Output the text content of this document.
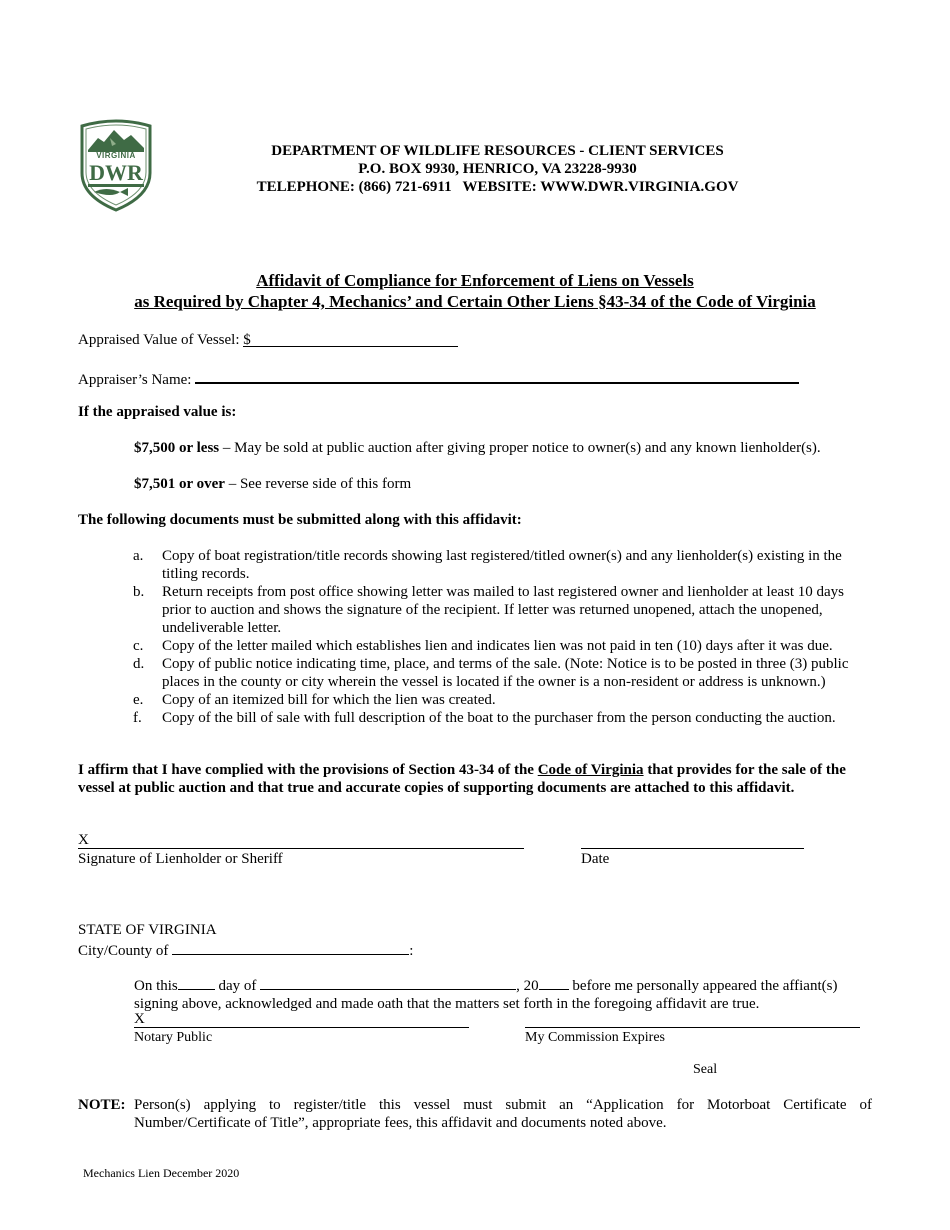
VIRGINIA
DWR
DEPARTMENT OF WILDLIFE RESOURCES - CLIENT SERVICES
P.O. BOX 9930, HENRICO, VA 23228-9930
TELEPHONE: (866) 721-6911   WEBSITE: WWW.DWR.VIRGINIA.GOV
Affidavit of Compliance for Enforcement of Liens on Vessels
as Required by Chapter 4, Mechanics’ and Certain Other Liens §43-34 of the Code of Virginia
Appraised Value of Vessel: $
Appraiser’s Name:
If the appraised value is:
$7,500 or less – May be sold at public auction after giving proper notice to owner(s) and any known lienholder(s).
$7,501 or over – See reverse side of this form
The following documents must be submitted along with this affidavit:
a. Copy of boat registration/title records showing last registered/titled owner(s) and any lienholder(s) existing in the titling records.
b. Return receipts from post office showing letter was mailed to last registered owner and lienholder at least 10 days prior to auction and shows the signature of the recipient. If letter was returned unopened, attach the unopened, undeliverable letter.
c. Copy of the letter mailed which establishes lien and indicates lien was not paid in ten (10) days after it was due.
d. Copy of public notice indicating time, place, and terms of the sale. (Note: Notice is to be posted in three (3) public places in the county or city wherein the vessel is located if the owner is a non-resident or address is unknown.)
e. Copy of an itemized bill for which the lien was created.
f. Copy of the bill of sale with full description of the boat to the purchaser from the person conducting the auction.
I affirm that I have complied with the provisions of Section 43-34 of the Code of Virginia that provides for the sale of the vessel at public auction and that true and accurate copies of supporting documents are attached to this affidavit.
X
Signature of Lienholder or Sheriff	Date
STATE OF VIRGINIA
City/County of	:
On this	day of	, 20 before me personally appeared the affiant(s)
signing above, acknowledged and made oath that the matters set forth in the foregoing affidavit are true.
X
Notary Public	My Commission Expires
Seal
NOTE: Person(s) applying to register/title this vessel must submit an “Application for Motorboat Certificate of Number/Certificate of Title”, appropriate fees, this affidavit and documents noted above.
Mechanics Lien December 2020
